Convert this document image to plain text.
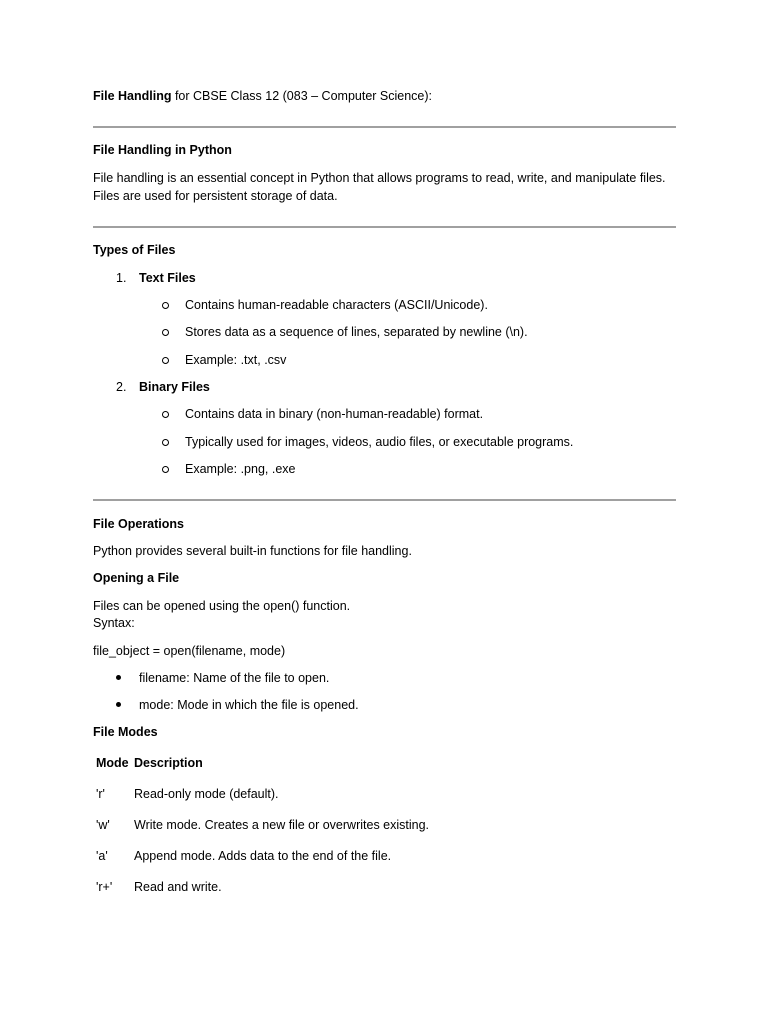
File Handling for CBSE Class 12 (083 – Computer Science):
File Handling in Python
File handling is an essential concept in Python that allows programs to read, write, and manipulate files. Files are used for persistent storage of data.
Types of Files
1. Text Files
Contains human-readable characters (ASCII/Unicode).
Stores data as a sequence of lines, separated by newline (\n).
Example: .txt, .csv
2. Binary Files
Contains data in binary (non-human-readable) format.
Typically used for images, videos, audio files, or executable programs.
Example: .png, .exe
File Operations
Python provides several built-in functions for file handling.
Opening a File
Files can be opened using the open() function.
Syntax:
file_object = open(filename, mode)
filename: Name of the file to open.
mode: Mode in which the file is opened.
File Modes
Mode Description
'r' Read-only mode (default).
'w' Write mode. Creates a new file or overwrites existing.
'a' Append mode. Adds data to the end of the file.
'r+' Read and write.
